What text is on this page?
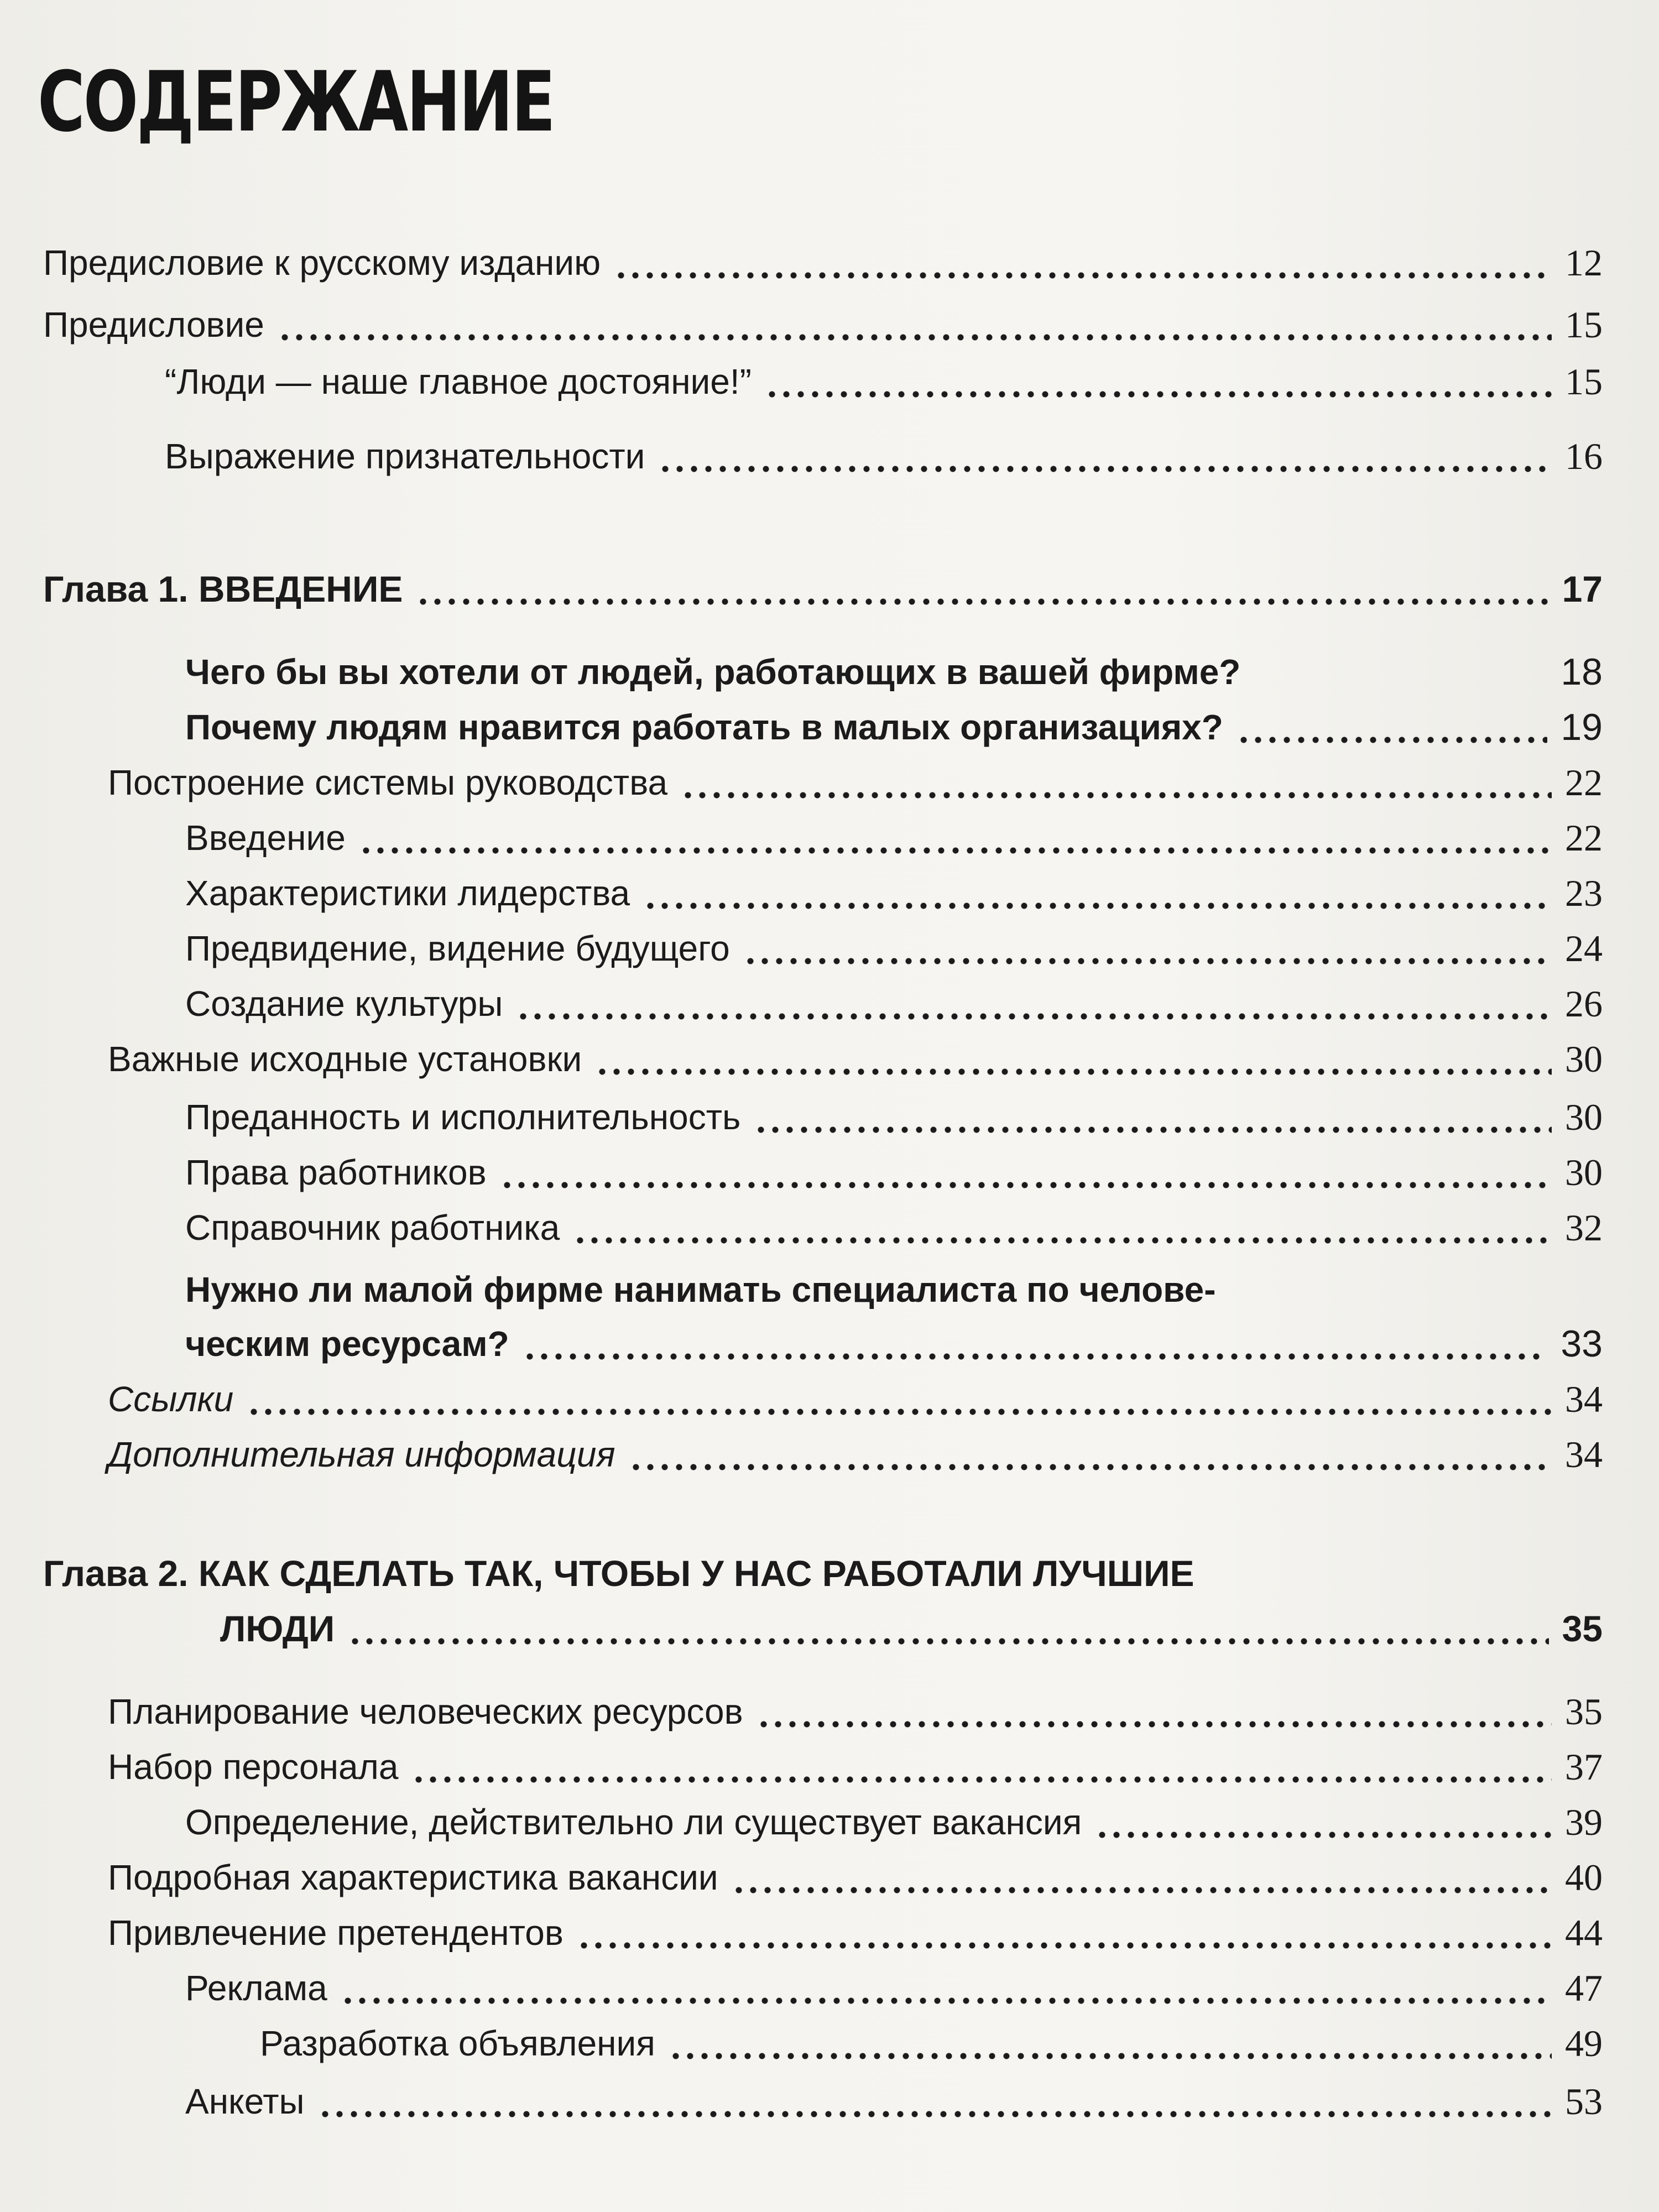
СОДЕРЖАНИЕ
Предисловие к русскому изданию	12
Предисловие	15
“Люди — наше главное достояние!”	15
Выражение признательности	16
Глава 1. ВВЕДЕНИЕ	17
Чего бы вы хотели от людей, работающих в вашей фирме?	18
Почему людям нравится работать в малых организациях?	19
Построение системы руководства	22
Введение	22
Характеристики лидерства	23
Предвидение, видение будущего	24
Создание культуры	26
Важные исходные установки	30
Преданность и исполнительность	30
Права работников	30
Справочник работника	32
Нужно ли малой фирме нанимать специалиста по челове-
ческим ресурсам?	33
Ссылки	34
Дополнительная информация	34
Глава 2. КАК СДЕЛАТЬ ТАК, ЧТОБЫ У НАС РАБОТАЛИ ЛУЧШИЕ
ЛЮДИ	35
Планирование человеческих ресурсов	35
Набор персонала	37
Определение, действительно ли существует вакансия	39
Подробная характеристика вакансии	40
Привлечение претендентов	44
Реклама	47
Разработка объявления	49
Анкеты	53
